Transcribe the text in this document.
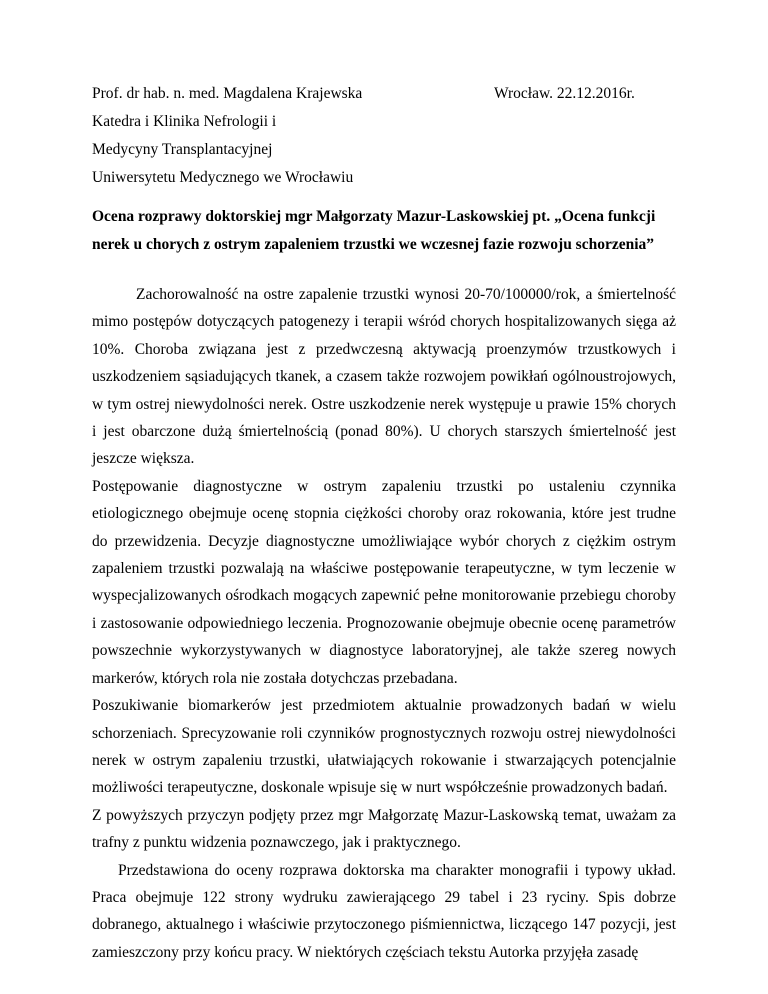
Prof. dr hab. n. med. Magdalena Krajewska	Wrocław. 22.12.2016r.
Katedra i Klinika Nefrologii i
Medycyny Transplantacyjnej
Uniwersytetu Medycznego we Wrocławiu
Ocena rozprawy doktorskiej mgr Małgorzaty Mazur-Laskowskiej pt. „Ocena funkcji
nerek u chorych z ostrym zapaleniem trzustki we wczesnej fazie rozwoju schorzenia”

Zachorowalność na ostre zapalenie trzustki wynosi 20-70/100000/rok, a śmiertelność mimo postępów dotyczących patogenezy i terapii wśród chorych hospitalizowanych sięga aż 10%. Choroba związana jest z przedwczesną aktywacją proenzymów trzustkowych i uszkodzeniem sąsiadujących tkanek, a czasem także rozwojem powikłań ogólnoustrojowych, w tym ostrej niewydolności nerek. Ostre uszkodzenie nerek występuje u prawie 15% chorych i jest obarczone dużą śmiertelnością (ponad 80%). U chorych starszych śmiertelność jest jeszcze większa.

Postępowanie diagnostyczne w ostrym zapaleniu trzustki po ustaleniu czynnika etiologicznego obejmuje ocenę stopnia ciężkości choroby oraz rokowania, które jest trudne do przewidzenia. Decyzje diagnostyczne umożliwiające wybór chorych z ciężkim ostrym zapaleniem trzustki pozwalają na właściwe postępowanie terapeutyczne, w tym leczenie w wyspecjalizowanych ośrodkach mogących zapewnić pełne monitorowanie przebiegu choroby i zastosowanie odpowiedniego leczenia. Prognozowanie obejmuje obecnie ocenę parametrów powszechnie wykorzystywanych w diagnostyce laboratoryjnej, ale także szereg nowych markerów, których rola nie została dotychczas przebadana.

Poszukiwanie biomarkerów jest przedmiotem aktualnie prowadzonych badań w wielu schorzeniach. Sprecyzowanie roli czynników prognostycznych rozwoju ostrej niewydolności nerek w ostrym zapaleniu trzustki, ułatwiających rokowanie i stwarzających potencjalnie możliwości terapeutyczne, doskonale wpisuje się w nurt współcześnie prowadzonych badań.

Z powyższych przyczyn podjęty przez mgr Małgorzatę Mazur-Laskowską temat, uważam za trafny z punktu widzenia poznawczego, jak i praktycznego.

Przedstawiona do oceny rozprawa doktorska ma charakter monografii i typowy układ. Praca obejmuje 122 strony wydruku zawierającego 29 tabel i 23 ryciny. Spis dobrze dobranego, aktualnego i właściwie przytoczonego piśmiennictwa, liczącego 147 pozycji, jest zamieszczony przy końcu pracy. W niektórych częściach tekstu Autorka przyjęła zasadę
